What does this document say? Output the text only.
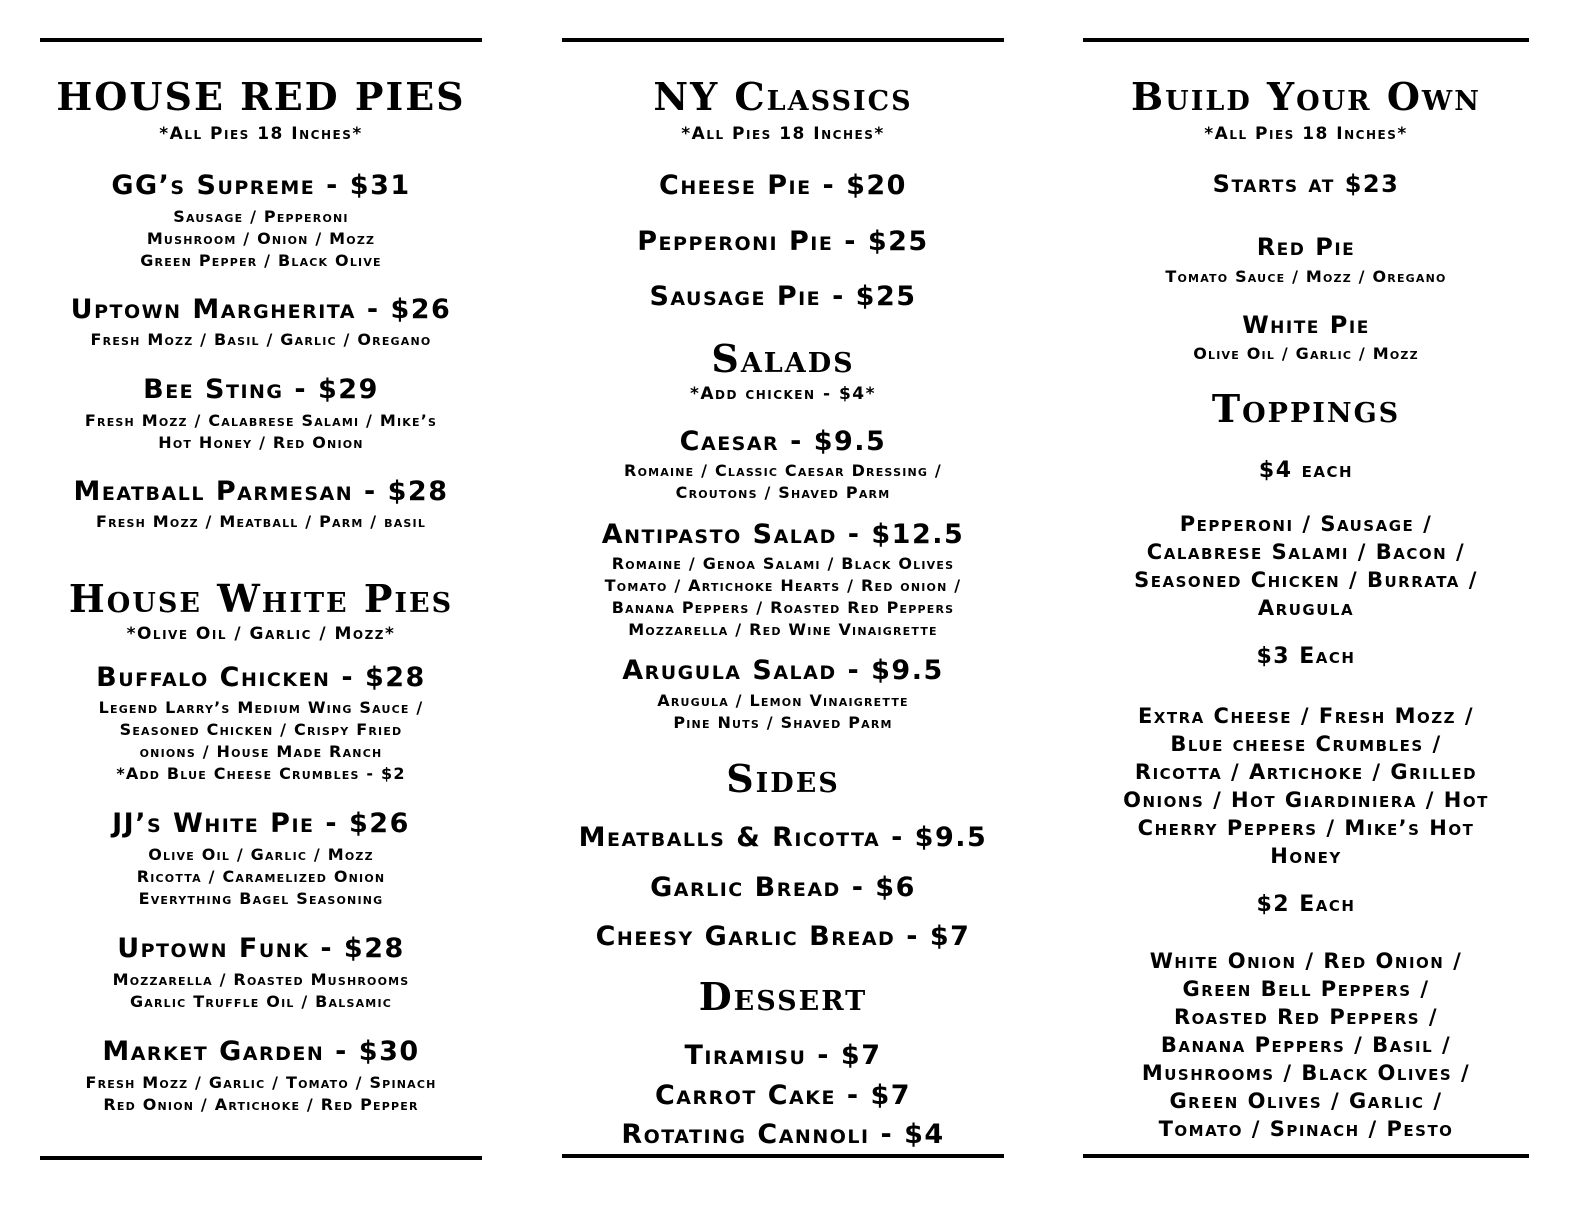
HOUSE RED PIES
*All Pies 18 Inches*
GG’s Supreme - $31
Sausage / Pepperoni
Mushroom / Onion / Mozz
Green Pepper / Black Olive
Uptown Margherita - $26
Fresh Mozz / Basil / Garlic / Oregano
Bee Sting - $29
Fresh Mozz / Calabrese Salami / Mike’s
Hot Honey / Red Onion
Meatball Parmesan - $28
Fresh Mozz / Meatball / Parm / basil
House White Pies
*Olive Oil / Garlic / Mozz*
Buffalo Chicken - $28
Legend Larry’s Medium Wing Sauce /
Seasoned Chicken / Crispy Fried
onions / House Made Ranch
*Add Blue Cheese Crumbles - $2
JJ’s White Pie - $26
Olive Oil / Garlic / Mozz
Ricotta / Caramelized Onion
Everything Bagel Seasoning
Uptown Funk - $28
Mozzarella / Roasted Mushrooms
Garlic Truffle Oil / Balsamic
Market Garden - $30
Fresh Mozz / Garlic / Tomato / Spinach
Red Onion / Artichoke / Red Pepper
NY Classics
*All Pies 18 Inches*
Cheese Pie - $20
Pepperoni Pie - $25
Sausage Pie - $25
Salads
*Add chicken - $4*
Caesar - $9.5
Romaine / Classic Caesar Dressing /
Croutons / Shaved Parm
Antipasto Salad - $12.5
Romaine / Genoa Salami / Black Olives
Tomato / Artichoke Hearts / Red onion /
Banana Peppers / Roasted Red Peppers
Mozzarella / Red Wine Vinaigrette
Arugula Salad - $9.5
Arugula / Lemon Vinaigrette
Pine Nuts / Shaved Parm
Sides
Meatballs & Ricotta - $9.5
Garlic Bread - $6
Cheesy Garlic Bread - $7
Dessert
Tiramisu - $7
Carrot Cake - $7
Rotating Cannoli - $4
Build Your Own
*All Pies 18 Inches*
Starts at $23
Red Pie
Tomato Sauce / Mozz / Oregano
White Pie
Olive Oil / Garlic / Mozz
Toppings
$4 each
Pepperoni / Sausage /
Calabrese Salami / Bacon /
Seasoned Chicken / Burrata /
Arugula
$3 Each
Extra Cheese / Fresh Mozz /
Blue cheese Crumbles /
Ricotta / Artichoke / Grilled
Onions / Hot Giardiniera / Hot
Cherry Peppers / Mike’s Hot
Honey
$2 Each
White Onion / Red Onion /
Green Bell Peppers /
Roasted Red Peppers /
Banana Peppers / Basil /
Mushrooms / Black Olives /
Green Olives / Garlic /
Tomato / Spinach / Pesto
